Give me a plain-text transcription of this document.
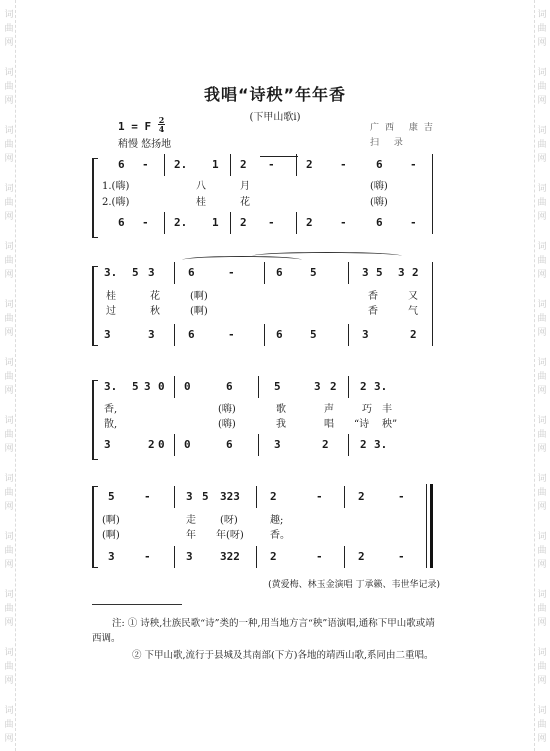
词
曲
网
词
曲
网
词
曲
网
词
曲
网
词
曲
网
词
曲
网
词
曲
网
词
曲
网
词
曲
网
词
曲
网
词
曲
网
词
曲
网
词
曲
网
词
曲
网
词
曲
网
词
曲
网
词
曲
网
词
曲
网
词
曲
网
词
曲
网
词
曲
网
词
曲
网
词
曲
网
词
曲
网
词
曲
网
词
曲
网
我唱“诗秧”年年香
(下甲山歌i)
广西 康吉
扫 录
1 = F 2
4
稍慢 悠扬地
6 - 2. 1 2 -	2 -	6 -
1.(嗨)	八	月	(嗨)
2.(嗨)	桂	花	(嗨)
6 - 2. 1 2 -	2 -	6 -
3. 5 3	6	-	6 5	3 5 3 2
桂	花	(啊)	香	又
过	秋	(啊)	香	气
3	3	6	-	6 5	3	2
3. 5 3 0 0	6	5	3 2 2 3.
香,	(嗨)	歌	声	巧 丰
散,	(嗨)	我	唱 “诗 秧”
3	2 0 0	6	3	2	2 3.
5	-	3 5 323	2	-	2	-
(啊)	走 (呀)	趣;
(啊)	年 年(呀)	香。
3	-	3 322	2	-	2	-
(黄爱梅、林玉金演唱 丁承籁、韦世华记录)
注: ① 诗秧,壮族民歌“诗”类的一种,用当地方言“秧”语演唱,通称下甲山歌或靖西调。
② 下甲山歌,流行于县城及其南部(下方)各地的靖西山歌,系同由二重唱。
